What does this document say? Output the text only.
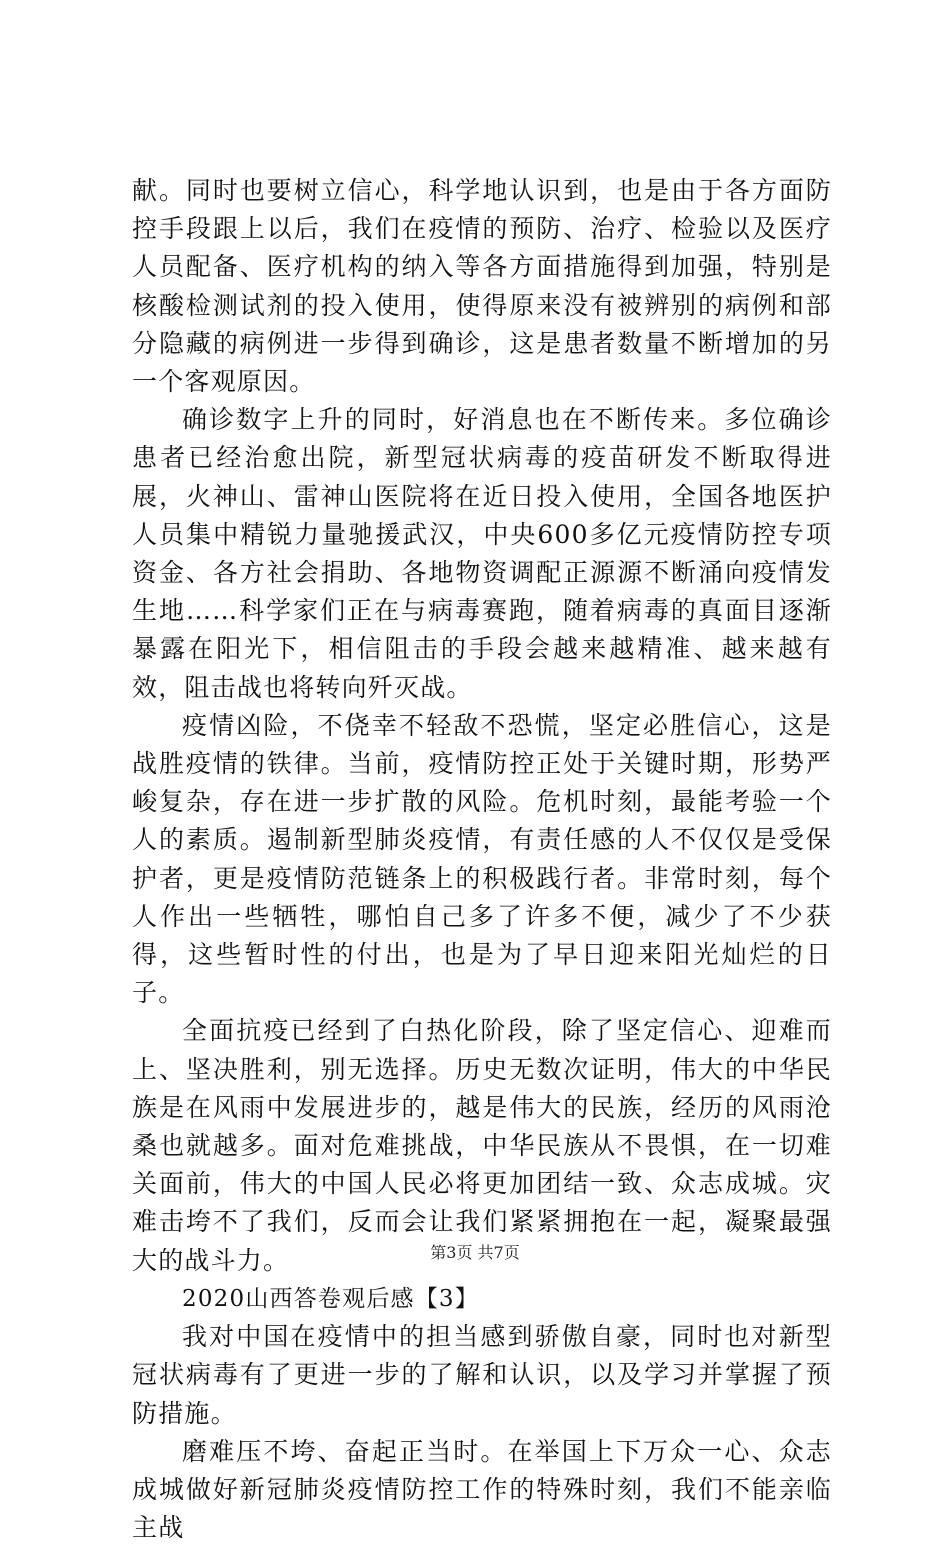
献。同时也要树立信心，科学地认识到，也是由于各方面防控手段跟上以后，我们在疫情的预防、治疗、检验以及医疗人员配备、医疗机构的纳入等各方面措施得到加强，特别是核酸检测试剂的投入使用，使得原来没有被辨别的病例和部分隐藏的病例进一步得到确诊，这是患者数量不断增加的另一个客观原因。

确诊数字上升的同时，好消息也在不断传来。多位确诊患者已经治愈出院，新型冠状病毒的疫苗研发不断取得进展，火神山、雷神山医院将在近日投入使用，全国各地医护人员集中精锐力量驰援武汉，中央600多亿元疫情防控专项资金、各方社会捐助、各地物资调配正源源不断涌向疫情发生地……科学家们正在与病毒赛跑，随着病毒的真面目逐渐暴露在阳光下，相信阻击的手段会越来越精准、越来越有效，阻击战也将转向歼灭战。

疫情凶险，不侥幸不轻敌不恐慌，坚定必胜信心，这是战胜疫情的铁律。当前，疫情防控正处于关键时期，形势严峻复杂，存在进一步扩散的风险。危机时刻，最能考验一个人的素质。遏制新型肺炎疫情，有责任感的人不仅仅是受保护者，更是疫情防范链条上的积极践行者。非常时刻，每个人作出一些牺牲，哪怕自己多了许多不便，减少了不少获得，这些暂时性的付出，也是为了早日迎来阳光灿烂的日子。

全面抗疫已经到了白热化阶段，除了坚定信心、迎难而上、坚决胜利，别无选择。历史无数次证明，伟大的中华民族是在风雨中发展进步的，越是伟大的民族，经历的风雨沧桑也就越多。面对危难挑战，中华民族从不畏惧，在一切难关面前，伟大的中国人民必将更加团结一致、众志成城。灾难击垮不了我们，反而会让我们紧紧拥抱在一起，凝聚最强大的战斗力。

2020山西答卷观后感【3】

我对中国在疫情中的担当感到骄傲自豪，同时也对新型冠状病毒有了更进一步的了解和认识，以及学习并掌握了预防措施。

磨难压不垮、奋起正当时。在举国上下万众一心、众志成城做好新冠肺炎疫情防控工作的特殊时刻，我们不能亲临主战

第3页 共7页
